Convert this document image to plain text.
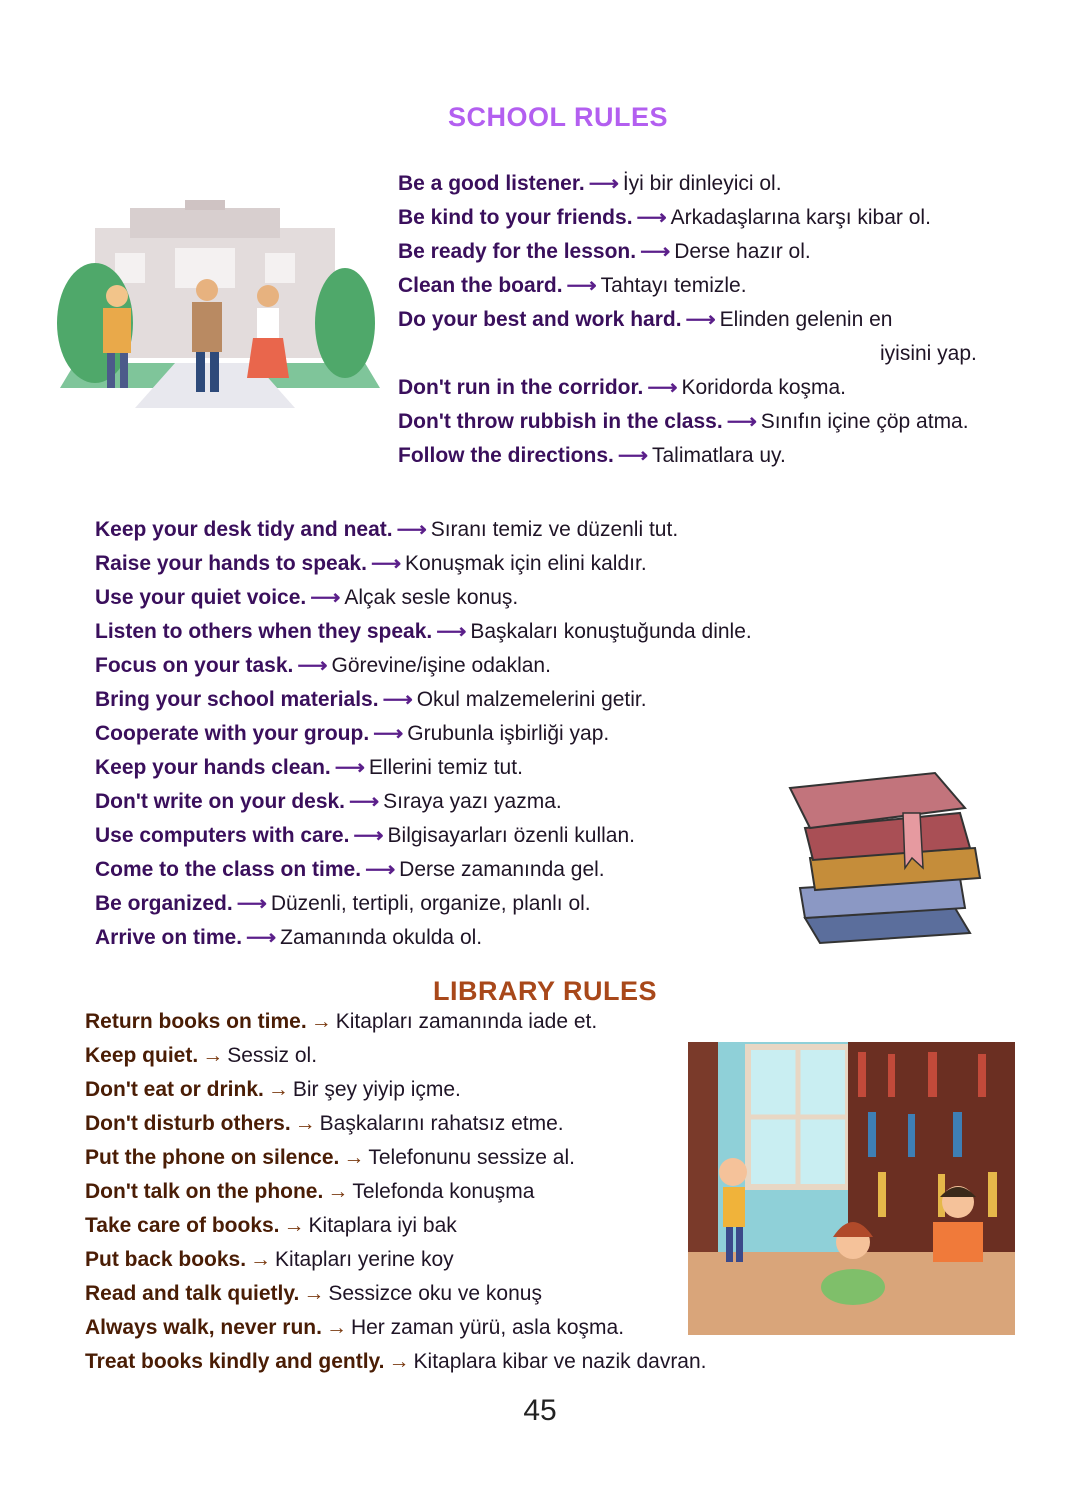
SCHOOL RULES
Be a good listener. ⟶ İyi bir dinleyici ol.
Be kind to your friends. ⟶ Arkadaşlarına karşı kibar ol.
Be ready for the lesson. ⟶ Derse hazır ol.
Clean the board. ⟶ Tahtayı temizle.
Do your best and work hard. ⟶ Elinden gelenin en
iyisini yap.
Don't run in the corridor. ⟶ Koridorda koşma.
Don't throw rubbish in the class. ⟶ Sınıfın içine çöp atma.
Follow the directions. ⟶ Talimatlara uy.
Keep your desk tidy and neat. ⟶ Sıranı temiz ve düzenli tut.
Raise your hands to speak. ⟶ Konuşmak için elini kaldır.
Use your quiet voice. ⟶ Alçak sesle konuş.
Listen to others when they speak. ⟶ Başkaları konuştuğunda dinle.
Focus on your task. ⟶ Görevine/işine odaklan.
Bring your school materials. ⟶ Okul malzemelerini getir.
Cooperate with your group. ⟶ Grubunla işbirliği yap.
Keep your hands clean. ⟶ Ellerini temiz tut.
Don't write on your desk. ⟶ Sıraya yazı yazma.
Use computers with care. ⟶ Bilgisayarları özenli kullan.
Come to the class on time. ⟶ Derse zamanında gel.
Be organized. ⟶ Düzenli, tertipli, organize, planlı ol.
Arrive on time. ⟶ Zamanında okulda ol.
LIBRARY RULES
Return books on time. → Kitapları zamanında iade et.
Keep quiet. → Sessiz ol.
Don't eat or drink. → Bir şey yiyip içme.
Don't disturb others. → Başkalarını rahatsız etme.
Put the phone on silence. → Telefonunu sessize al.
Don't talk on the phone. → Telefonda konuşma
Take care of books. → Kitaplara iyi bak
Put back books. → Kitapları yerine koy
Read and talk quietly. → Sessizce oku ve konuş
Always walk, never run. → Her zaman yürü, asla koşma.
Treat books kindly and gently. → Kitaplara kibar ve nazik davran.
45
